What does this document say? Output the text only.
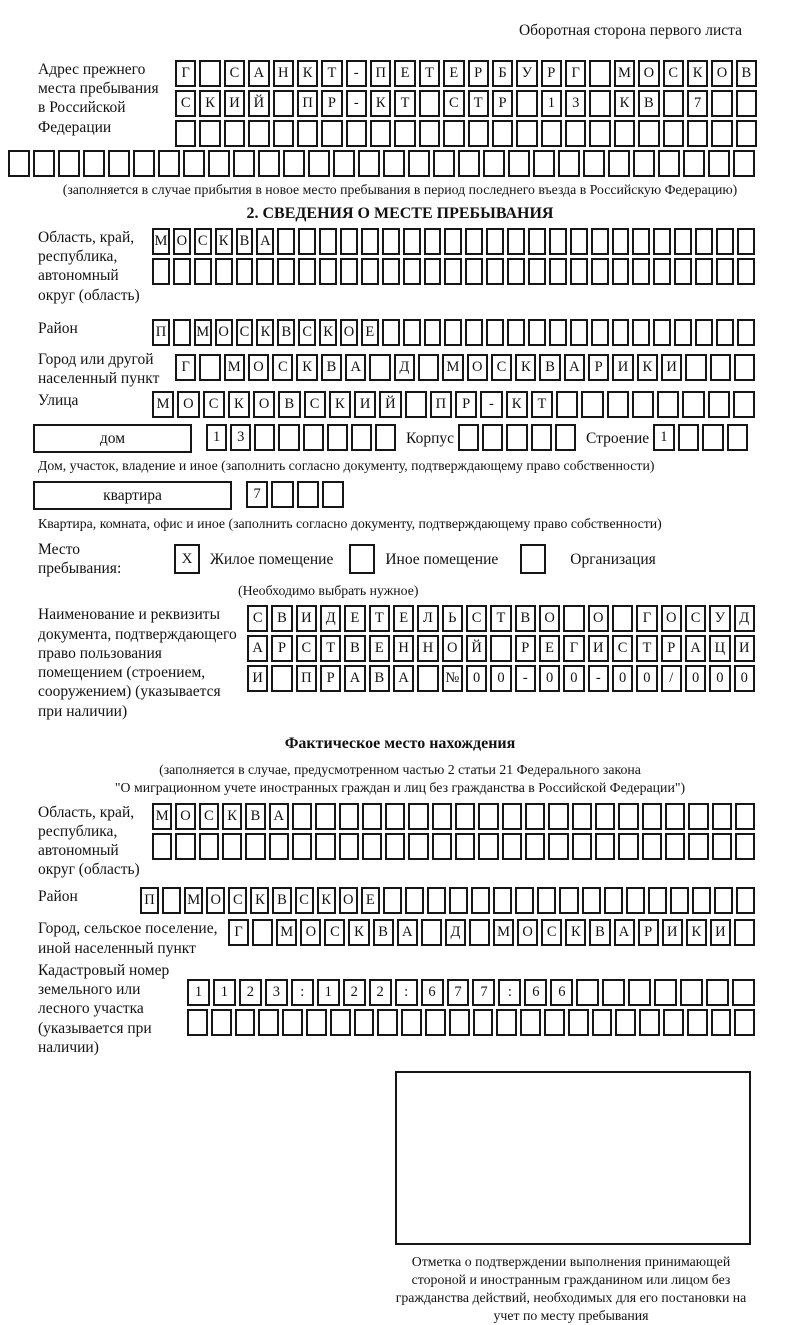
Оборотная сторона первого листа
Адрес прежнего места пребывания в Российской Федерации
Г	С А Н К	Т	-	П	Е	Т	Е	Р	Б	У	Р	Г	М О С	К О В
С	К И Й	П	Р	-	К	Т	С	Т	Р	1	3	К	В	7
(заполняется в случае прибытия в новое место пребывания в период последнего въезда в Российскую Федерацию)
2. СВЕДЕНИЯ О МЕСТЕ ПРЕБЫВАНИЯ
Область, край, республика, автономный округ (область)
М О С К В А
Район	П М О С К В С К О Е
Город или другой населенный пункт
Г	М О С	К	В А	Д	М О С	К	В А	Р	И К И
Улица	М О	С	К	О	В	С	К	И	Й	П	Р	-	К	Т
дом	1	3	Корпус	Строение 1
Дом, участок, владение и иное (заполнить согласно документу, подтверждающему право собственности)
квартира	7
Квартира, комната, офис и иное (заполнить согласно документу, подтверждающему право собственности)
Место пребывания:
X	Жилое помещение	Иное помещение	Организация
(Необходимо выбрать нужное)
Наименование и реквизиты документа, подтверждающего право пользования помещением (строением, сооружением) (указывается при наличии)
С	В И Д	Е	Т	Е	Л	Ь	С	Т	В О	О	Г	О С У Д
А	Р	С	Т	В	Е	Н Н О Й	Р	Е	Г	И С	Т	Р	А Ц И
И	П	Р	А В А	№ 0	0	-	0	0	-	0	0	/	0	0	0
Фактическое место нахождения
(заполняется в случае, предусмотренном частью 2 статьи 21 Федерального закона
"О миграционном учете иностранных граждан и лиц без гражданства в Российской Федерации")
Область, край, республика, автономный округ (область)
М О С К В А
Район	П М О С К В С К О Е
Город, сельское поселение, иной населенный пункт
Г	М О С К В А	Д	М О С К В А	Р	И К И
Кадастровый номер земельного или лесного участка (указывается при наличии)
1	1	2	3	:	1	2	2	:	6	7	7	:	6	6
Отметка о подтверждении выполнения принимающей стороной и иностранным гражданином или лицом без гражданства действий, необходимых для его постановки на учет по месту пребывания
